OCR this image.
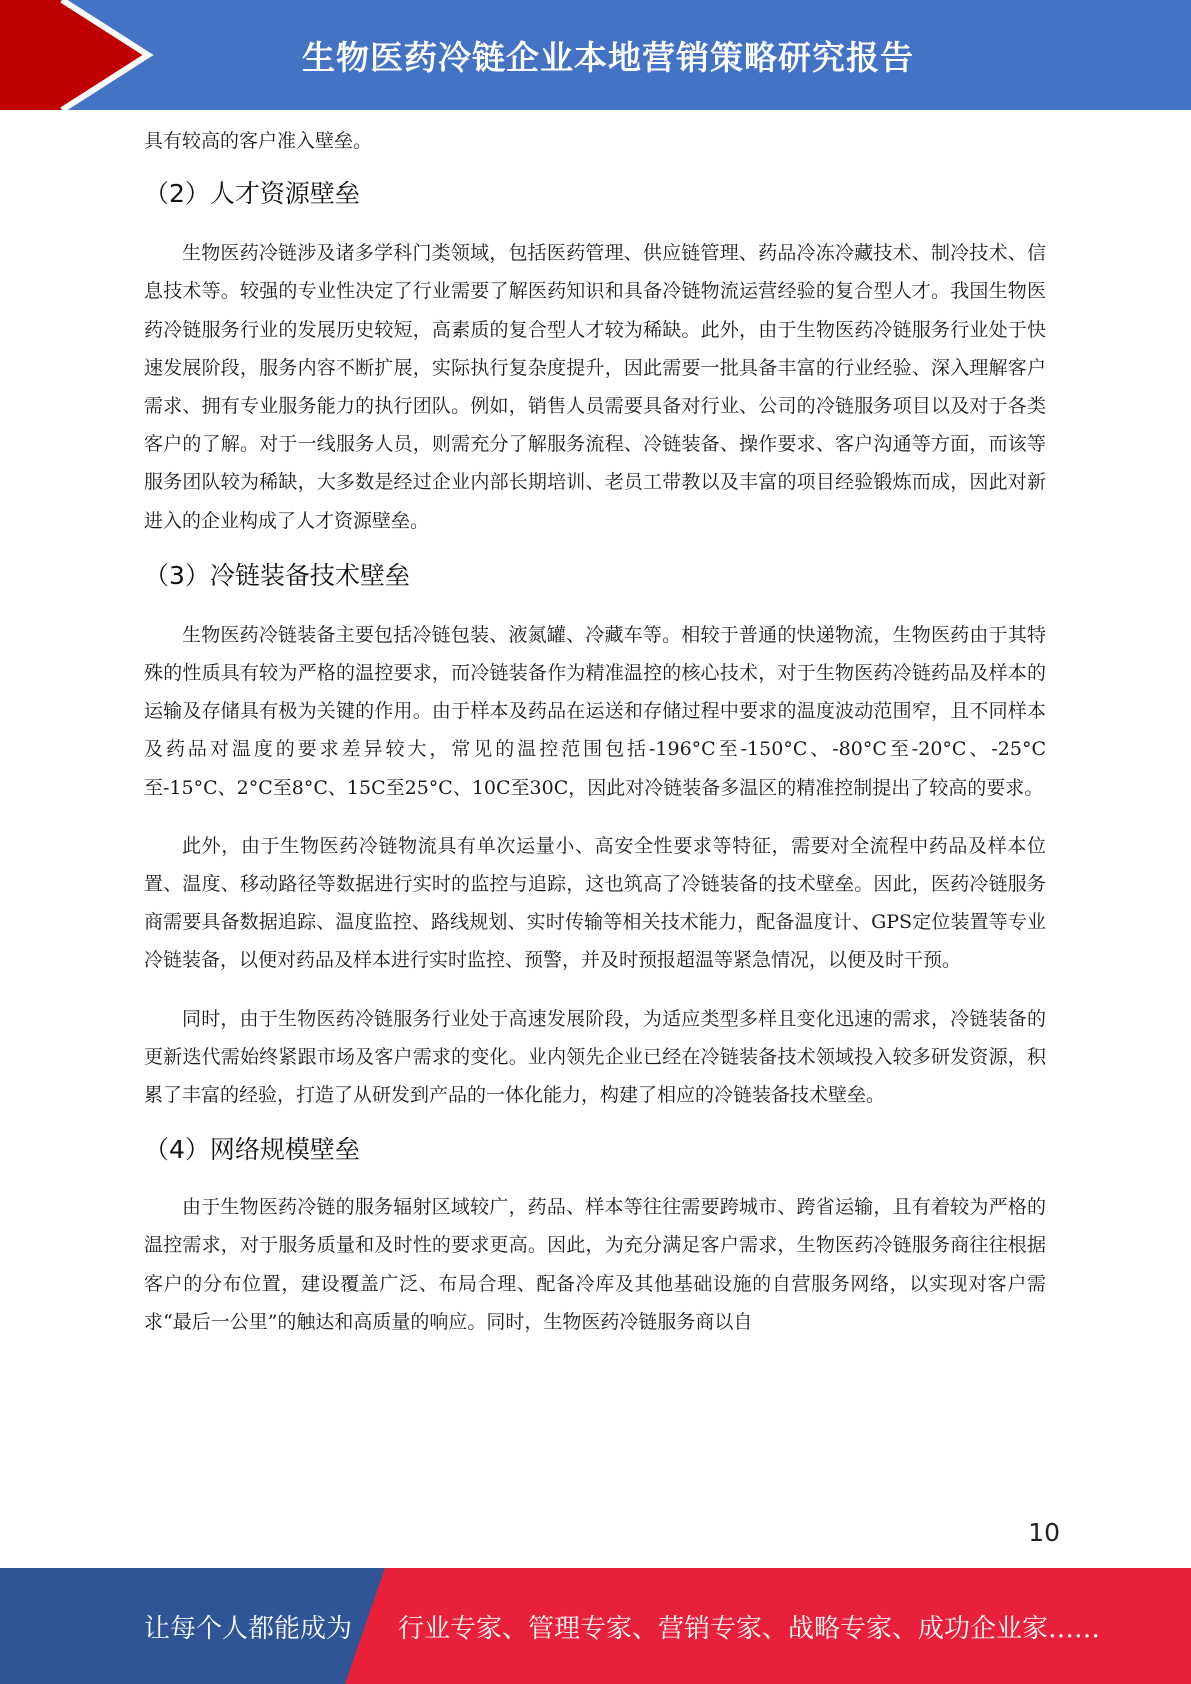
生物医药冷链企业本地营销策略研究报告

具有较高的客户准入壁垒。

（2）人才资源壁垒

生物医药冷链涉及诸多学科门类领域，包括医药管理、供应链管理、药品冷冻冷藏技术、制冷技术、信息技术等。较强的专业性决定了行业需要了解医药知识和具备冷链物流运营经验的复合型人才。我国生物医药冷链服务行业的发展历史较短，高素质的复合型人才较为稀缺。此外，由于生物医药冷链服务行业处于快速发展阶段，服务内容不断扩展，实际执行复杂度提升，因此需要一批具备丰富的行业经验、深入理解客户需求、拥有专业服务能力的执行团队。例如，销售人员需要具备对行业、公司的冷链服务项目以及对于各类客户的了解。对于一线服务人员，则需充分了解服务流程、冷链装备、操作要求、客户沟通等方面，而该等服务团队较为稀缺，大多数是经过企业内部长期培训、老员工带教以及丰富的项目经验锻炼而成，因此对新进入的企业构成了人才资源壁垒。

（3）冷链装备技术壁垒

生物医药冷链装备主要包括冷链包装、液氮罐、冷藏车等。相较于普通的快递物流，生物医药由于其特殊的性质具有较为严格的温控要求，而冷链装备作为精准温控的核心技术，对于生物医药冷链药品及样本的运输及存储具有极为关键的作用。由于样本及药品在运送和存储过程中要求的温度波动范围窄，且不同样本及药品对温度的要求差异较大，常见的温控范围包括-196°C至-150°C、-80°C至-20°C、-25°C至-15°C、2°C至8°C、15C至25°C、10C至30C，因此对冷链装备多温区的精准控制提出了较高的要求。

此外，由于生物医药冷链物流具有单次运量小、高安全性要求等特征，需要对全流程中药品及样本位置、温度、移动路径等数据进行实时的监控与追踪，这也筑高了冷链装备的技术壁垒。因此，医药冷链服务商需要具备数据追踪、温度监控、路线规划、实时传输等相关技术能力，配备温度计、GPS定位装置等专业冷链装备，以便对药品及样本进行实时监控、预警，并及时预报超温等紧急情况，以便及时干预。

同时，由于生物医药冷链服务行业处于高速发展阶段，为适应类型多样且变化迅速的需求，冷链装备的更新迭代需始终紧跟市场及客户需求的变化。业内领先企业已经在冷链装备技术领域投入较多研发资源，积累了丰富的经验，打造了从研发到产品的一体化能力，构建了相应的冷链装备技术壁垒。

（4）网络规模壁垒

由于生物医药冷链的服务辐射区域较广，药品、样本等往往需要跨城市、跨省运输，且有着较为严格的温控需求，对于服务质量和及时性的要求更高。因此，为充分满足客户需求，生物医药冷链服务商往往根据客户的分布位置，建设覆盖广泛、布局合理、配备冷库及其他基础设施的自营服务网络，以实现对客户需求“最后一公里”的触达和高质量的响应。同时，生物医药冷链服务商以自

10
让每个人都能成为 行业专家、管理专家、营销专家、战略专家、成功企业家……
